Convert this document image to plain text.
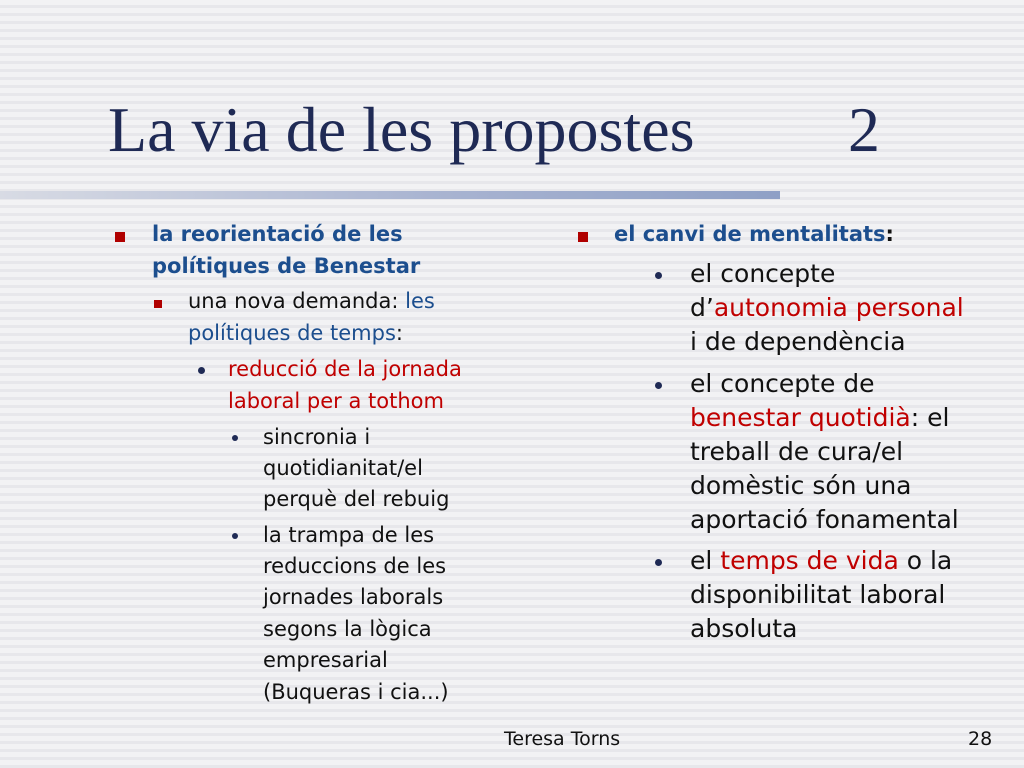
La via de les propostes 2
la reorientació de les
polítiques de Benestar
una nova demanda: les
polítiques de temps:
reducció de la jornada
laboral per a tothom
sincronia i
quotidianitat/el
perquè del rebuig
la trampa de les
reduccions de les
jornades laborals
segons la lògica
empresarial
(Buqueras i cia...)
el canvi de mentalitats:
el concepte
d’autonomia personal
i de dependència
el concepte de
benestar quotidià: el
treball de cura/el
domèstic són una
aportació fonamental
el temps de vida o la
disponibilitat laboral
absoluta
Teresa Torns	28
